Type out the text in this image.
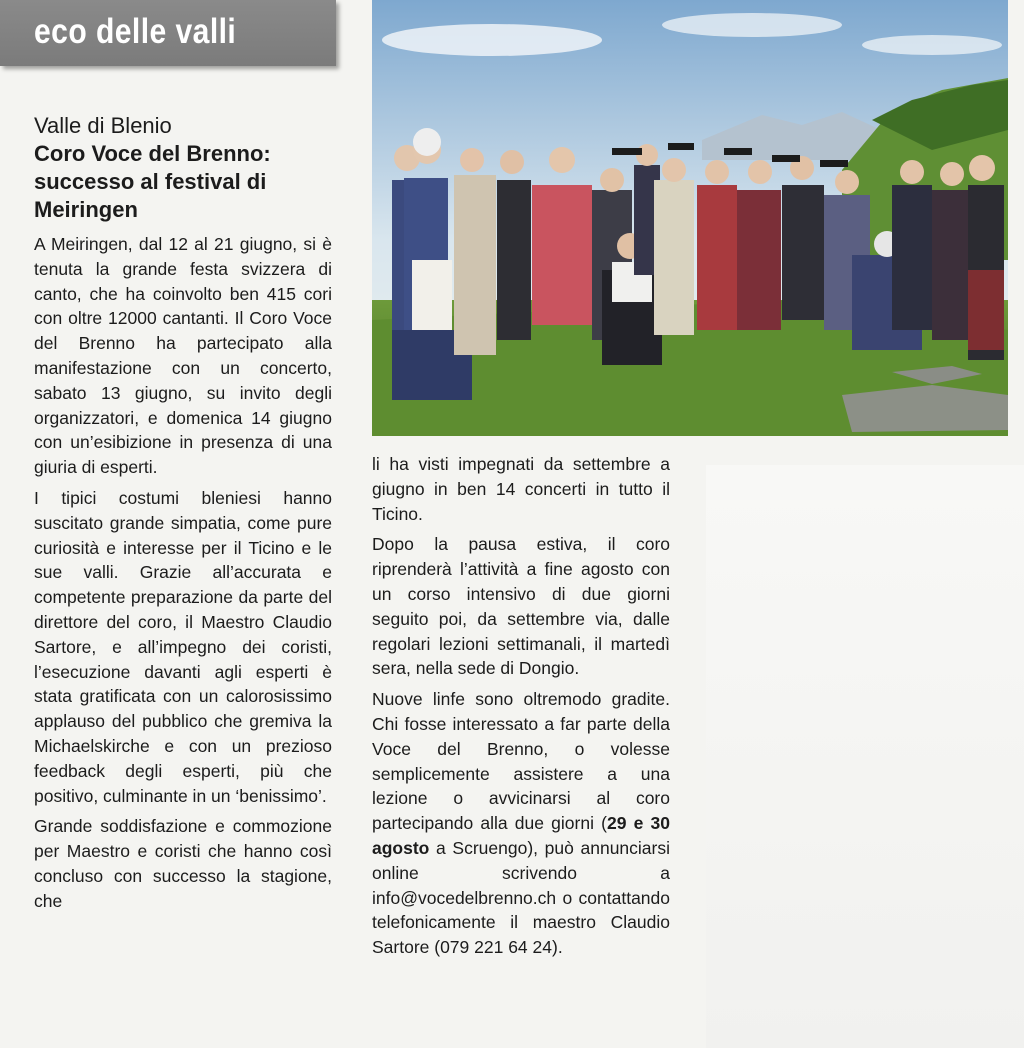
eco delle valli
Valle di Blenio
Coro Voce del Brenno: successo al festival di Meiringen

A Meiringen, dal 12 al 21 giugno, si è tenuta la grande festa svizzera di canto, che ha coinvolto ben 415 cori con oltre 12000 cantanti. Il Coro Voce del Brenno ha partecipato alla manifestazione con un concerto, sabato 13 giugno, su invito degli organizzatori, e domenica 14 giugno con un’esibizione in presenza di una giuria di esperti.

I tipici costumi bleniesi hanno suscitato grande simpatia, come pure curiosità e interesse per il Ticino e le sue valli. Grazie all’accurata e competente preparazione da parte del direttore del coro, il Maestro Claudio Sartore, e all’impegno dei coristi, l’esecuzione davanti agli esperti è stata gratificata con un calorosissimo applauso del pubblico che gremiva la Michaelskirche e con un prezioso feedback degli esperti, più che positivo, culminante in un ‘benissimo’.

Grande soddisfazione e commozione per Maestro e coristi che hanno così concluso con successo la stagione, che

li ha visti impegnati da settembre a giugno in ben 14 concerti in tutto il Ticino.

Dopo la pausa estiva, il coro riprenderà l’attività a fine agosto con un corso intensivo di due giorni seguito poi, da settembre via, dalle regolari lezioni settimanali, il martedì sera, nella sede di Dongio.

Nuove linfe sono oltremodo gradite. Chi fosse interessato a far parte della Voce del Brenno, o volesse semplicemente assistere a una lezione o avvicinarsi al coro partecipando alla due giorni (29 e 30 agosto a Scruengo), può annunciarsi online scrivendo a info@vocedelbrenno.ch o contattando telefonicamente il maestro Claudio Sartore (079 221 64 24).
